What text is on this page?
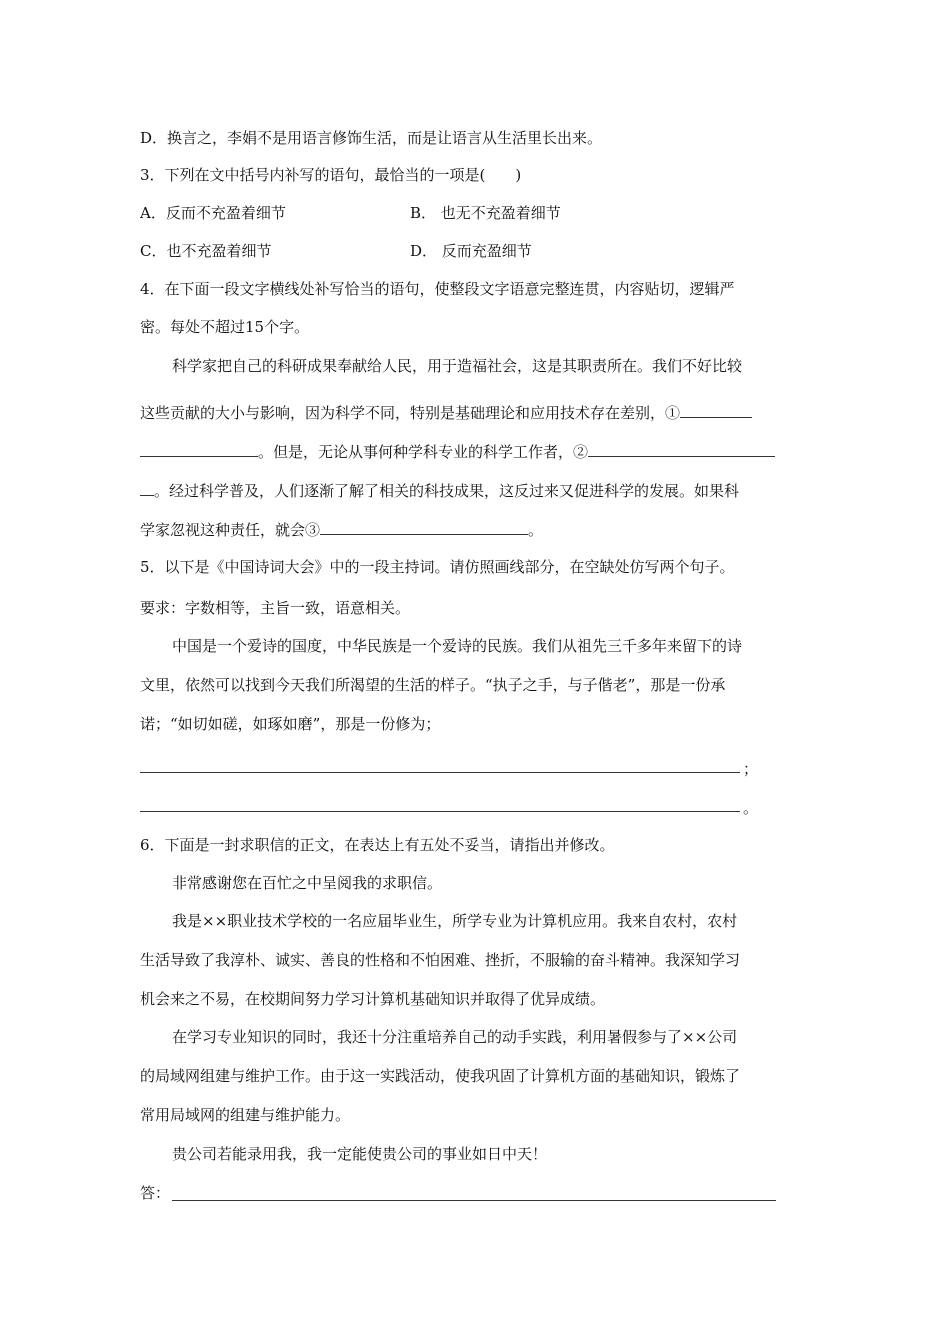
D．换言之，李娟不是用语言修饰生活，而是让语言从生活里长出来。
3．下列在文中括号内补写的语句，最恰当的一项是(　　)
A．反而不充盈着细节	B． 也无不充盈着细节
C．也不充盈着细节	D． 反而充盈细节
4．在下面一段文字横线处补写恰当的语句，使整段文字语意完整连贯，内容贴切，逻辑严
密。每处不超过15个字。
科学家把自己的科研成果奉献给人民，用于造福社会，这是其职责所在。我们不好比较
这些贡献的大小与影响，因为科学不同，特别是基础理论和应用技术存在差别，①
。但是，无论从事何种学科专业的科学工作者，②
。经过科学普及，人们逐渐了解了相关的科技成果，这反过来又促进科学的发展。如果科
学家忽视这种责任，就会③	。
5．以下是《中国诗词大会》中的一段主持词。请仿照画线部分，在空缺处仿写两个句子。
要求：字数相等，主旨一致，语意相关。
中国是一个爱诗的国度，中华民族是一个爱诗的民族。我们从祖先三千多年来留下的诗
文里，依然可以找到今天我们所渴望的生活的样子。“执子之手，与子偕老”，那是一份承
诺；“如切如磋，如琢如磨”，那是一份修为；
；
。
6．下面是一封求职信的正文，在表达上有五处不妥当，请指出并修改。
非常感谢您在百忙之中呈阅我的求职信。
我是××职业技术学校的一名应届毕业生，所学专业为计算机应用。我来自农村，农村
生活导致了我淳朴、诚实、善良的性格和不怕困难、挫折，不服输的奋斗精神。我深知学习
机会来之不易，在校期间努力学习计算机基础知识并取得了优异成绩。
在学习专业知识的同时，我还十分注重培养自己的动手实践，利用暑假参与了××公司
的局域网组建与维护工作。由于这一实践活动，使我巩固了计算机方面的基础知识，锻炼了
常用局域网的组建与维护能力。
贵公司若能录用我，我一定能使贵公司的事业如日中天！
答：
